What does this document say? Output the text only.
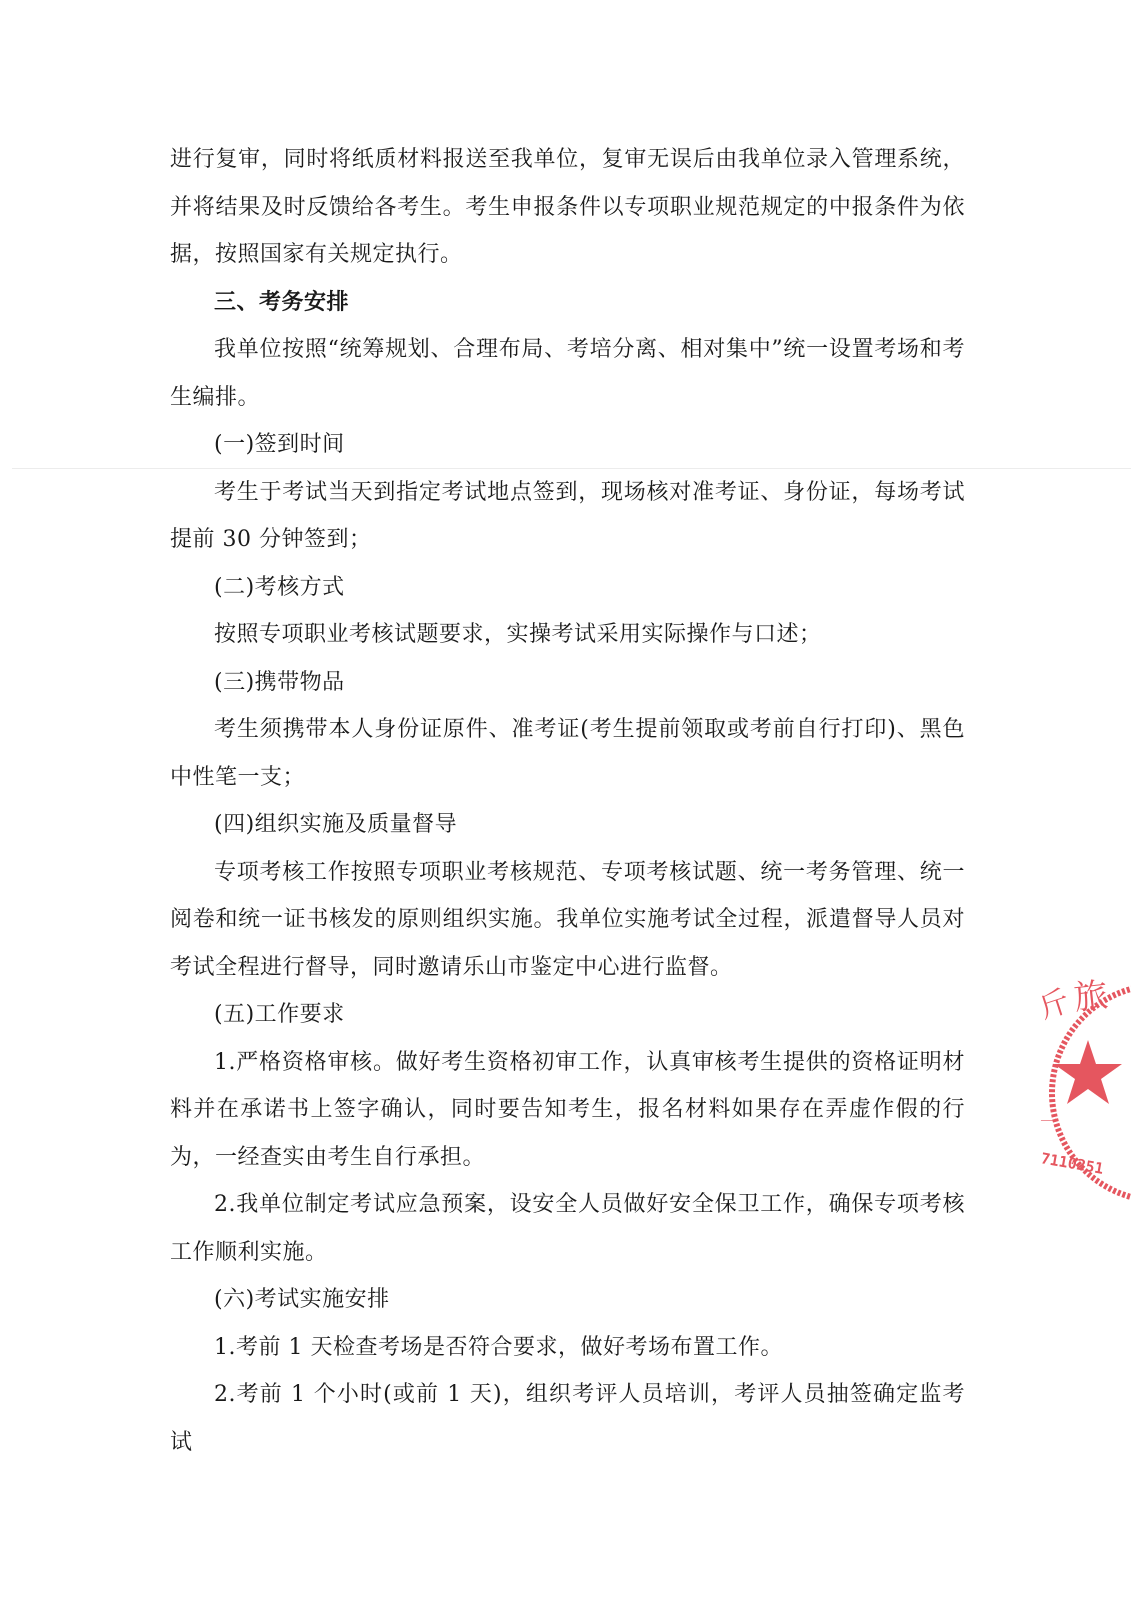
进行复审，同时将纸质材料报送至我单位，复审无误后由我单位录入管理系统，并将结果及时反馈给各考生。考生申报条件以专项职业规范规定的中报条件为依据，按照国家有关规定执行。

三、考务安排

我单位按照“统筹规划、合理布局、考培分离、相对集中”统一设置考场和考生编排。

(一)签到时间

考生于考试当天到指定考试地点签到，现场核对准考证、身份证，每场考试提前 30 分钟签到；

(二)考核方式

按照专项职业考核试题要求，实操考试采用实际操作与口述；

(三)携带物品

考生须携带本人身份证原件、准考证(考生提前领取或考前自行打印)、黑色中性笔一支；

(四)组织实施及质量督导

专项考核工作按照专项职业考核规范、专项考核试题、统一考务管理、统一阅卷和统一证书核发的原则组织实施。我单位实施考试全过程，派遣督导人员对考试全程进行督导，同时邀请乐山市鉴定中心进行监督。

(五)工作要求

1.严格资格审核。做好考生资格初审工作，认真审核考生提供的资格证明材料并在承诺书上签字确认，同时要告知考生，报名材料如果存在弄虚作假的行为，一经查实由考生自行承担。

2.我单位制定考试应急预案，设安全人员做好安全保卫工作，确保专项考核工作顺利实施。

(六)考试实施安排

1.考前 1 天检查考场是否符合要求，做好考场布置工作。

2.考前 1 个小时(或前 1 天)，组织考评人员培训，考评人员抽签确定监考试

斤
旅
一
7110251
